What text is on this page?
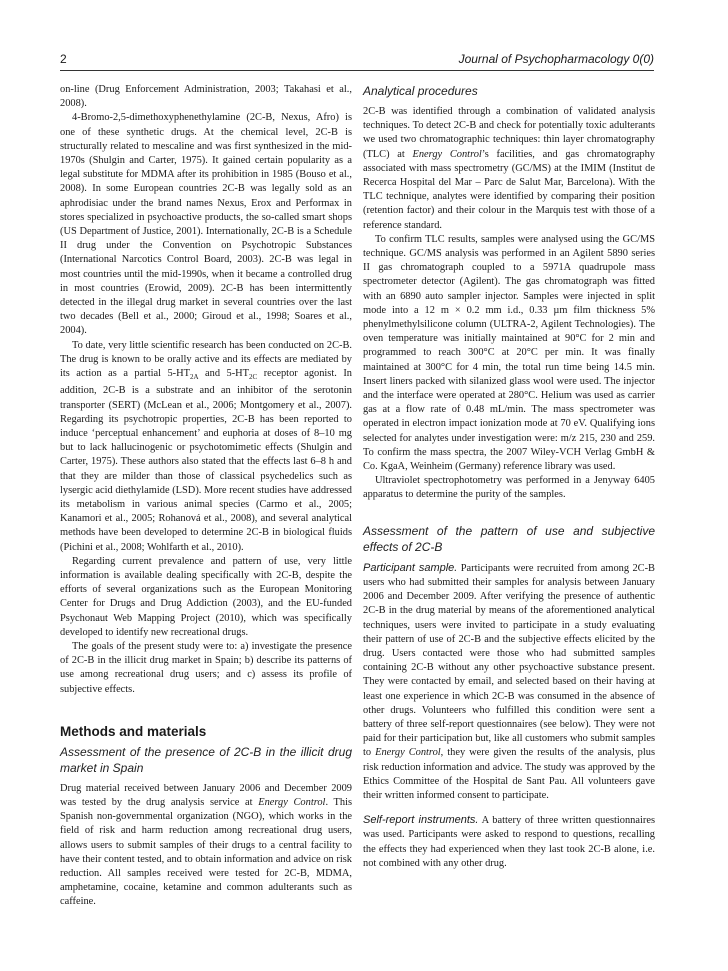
2	Journal of Psychopharmacology 0(0)

on-line (Drug Enforcement Administration, 2003; Takahasi et al., 2008).

4-Bromo-2,5-dimethoxyphenethylamine (2C-B, Nexus, Afro) is one of these synthetic drugs. At the chemical level, 2C-B is structurally related to mescaline and was first synthesized in the mid-1970s (Shulgin and Carter, 1975). It gained certain popularity as a legal substitute for MDMA after its prohibition in 1985 (Bouso et al., 2008). In some European countries 2C-B was legally sold as an aphrodisiac under the brand names Nexus, Erox and Performax in stores specialized in psychoactive products, the so-called smart shops (US Department of Justice, 2001). Internationally, 2C-B is a Schedule II drug under the Convention on Psychotropic Substances (International Narcotics Control Board, 2003). 2C-B was legal in most countries until the mid-1990s, when it became a controlled drug in most countries (Erowid, 2009). 2C-B has been intermittently detected in the illegal drug market in several countries over the last two decades (Bell et al., 2000; Giroud et al., 1998; Soares et al., 2004).

To date, very little scientific research has been conducted on 2C-B. The drug is known to be orally active and its effects are mediated by its action as a partial $5-HT_{2A}$ and $5-HT_{2C}$ receptor agonist. In addition, 2C-B is a substrate and an inhibitor of the serotonin transporter (SERT) (McLean et al., 2006; Montgomery et al., 2007). Regarding its psychotropic properties, 2C-B has been reported to induce ‘perceptual enhancement’ and euphoria at doses of 8–10 mg but to lack hallucinogenic or psychotomimetic effects (Shulgin and Carter, 1975). These authors also stated that the effects last 6–8 h and that they are milder than those of classical psychedelics such as lysergic acid diethylamide (LSD). More recent studies have addressed its metabolism in various animal species (Carmo et al., 2005; Kanamori et al., 2005; Rohanová et al., 2008), and several analytical methods have been developed to determine 2C-B in biological fluids (Pichini et al., 2008; Wohlfarth et al., 2010).

Regarding current prevalence and pattern of use, very little information is available dealing specifically with 2C-B, despite the efforts of several organizations such as the European Monitoring Center for Drugs and Drug Addiction (2003), and the EU-funded Psychonaut Web Mapping Project (2010), which was specifically developed to identify new recreational drugs.

The goals of the present study were to: a) investigate the presence of 2C-B in the illicit drug market in Spain; b) describe its patterns of use among recreational drug users; and c) assess its profile of subjective effects.

Methods and materials
Assessment of the presence of 2C-B in the illicit drug market in Spain

Drug material received between January 2006 and December 2009 was tested by the drug analysis service at Energy Control. This Spanish non-governmental organization (NGO), which works in the field of risk and harm reduction among recreational drug users, allows users to submit samples of their drugs to a central facility to have their content tested, and to obtain information and advice on risk reduction. All samples received were tested for 2C-B, MDMA, amphetamine, cocaine, ketamine and common adulterants such as caffeine.

Analytical procedures

2C-B was identified through a combination of validated analysis techniques. To detect 2C-B and check for potentially toxic adulterants we used two chromatographic techniques: thin layer chromatography (TLC) at Energy Control’s facilities, and gas chromatography associated with mass spectrometry (GC/MS) at the IMIM (Institut de Recerca Hospital del Mar – Parc de Salut Mar, Barcelona). With the TLC technique, analytes were identified by comparing their position (retention factor) and their colour in the Marquis test with those of a reference standard.

To confirm TLC results, samples were analysed using the GC/MS technique. GC/MS analysis was performed in an Agilent 5890 series II gas chromatograph coupled to a 5971A quadrupole mass spectrometer detector (Agilent). The gas chromatograph was fitted with an 6890 auto sampler injector. Samples were injected in split mode into a 12 m × 0.2 mm i.d., 0.33 µm film thickness 5% phenylmethylsilicone column (ULTRA-2, Agilent Technologies). The oven temperature was initially maintained at 90°C for 2 min and programmed to reach 300°C at 20°C per min. It was finally maintained at 300°C for 4 min, the total run time being 14.5 min. Insert liners packed with silanized glass wool were used. The injector and the interface were operated at 280°C. Helium was used as carrier gas at a flow rate of 0.48 mL/min. The mass spectrometer was operated in electron impact ionization mode at 70 eV. Qualifying ions selected for analytes under investigation were: m/z 215, 230 and 259. To confirm the mass spectra, the 2007 Wiley-VCH Verlag GmbH & Co. KgaA, Weinheim (Germany) reference library was used.

Ultraviolet spectrophotometry was performed in a Jenyway 6405 apparatus to determine the purity of the samples.

Assessment of the pattern of use and subjective effects of 2C-B

Participant sample. Participants were recruited from among 2C-B users who had submitted their samples for analysis between January 2006 and December 2009. After verifying the presence of authentic 2C-B in the drug material by means of the aforementioned analytical techniques, users were invited to participate in a study evaluating their pattern of use of 2C-B and the subjective effects elicited by the drug. Users contacted were those who had submitted samples containing 2C-B without any other psychoactive substance present. They were contacted by email, and selected based on their having at least one experience in which 2C-B was consumed in the absence of other drugs. Volunteers who fulfilled this condition were sent a battery of three self-report questionnaires (see below). They were not paid for their participation but, like all customers who submit samples to Energy Control, they were given the results of the analysis, plus risk reduction information and advice. The study was approved by the Ethics Committee of the Hospital de Sant Pau. All volunteers gave their written informed consent to participate.

Self-report instruments. A battery of three written questionnaires was used. Participants were asked to respond to questions, recalling the effects they had experienced when they last took 2C-B alone, i.e. not combined with any other drug.
